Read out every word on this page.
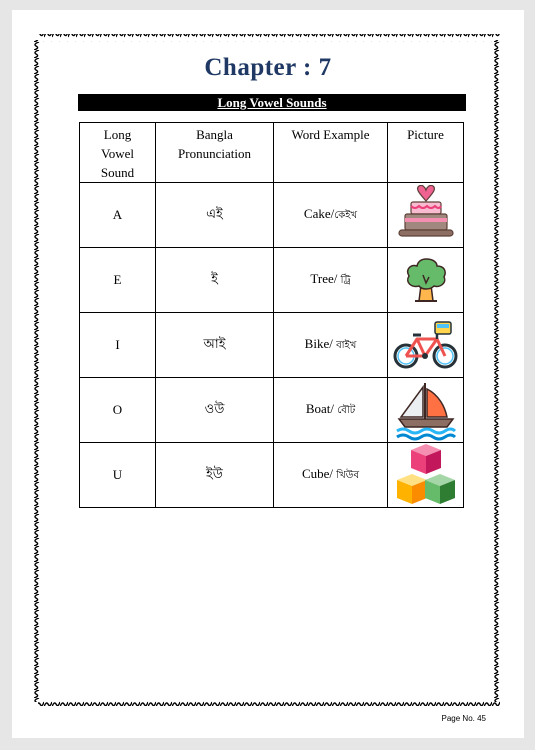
Chapter : 7
Long Vowel Sounds
Long Vowel Sound	Bangla Pronunciation	Word Example	Picture
A	এই	Cake/কেইখ	

E	ই	Tree/ ট্রি	

I	আই	Bike/ বাইখ	

O	ওউ	Boat/ বৌট	

U	ইউ	Cube/ খিউব	
Page No. 45
